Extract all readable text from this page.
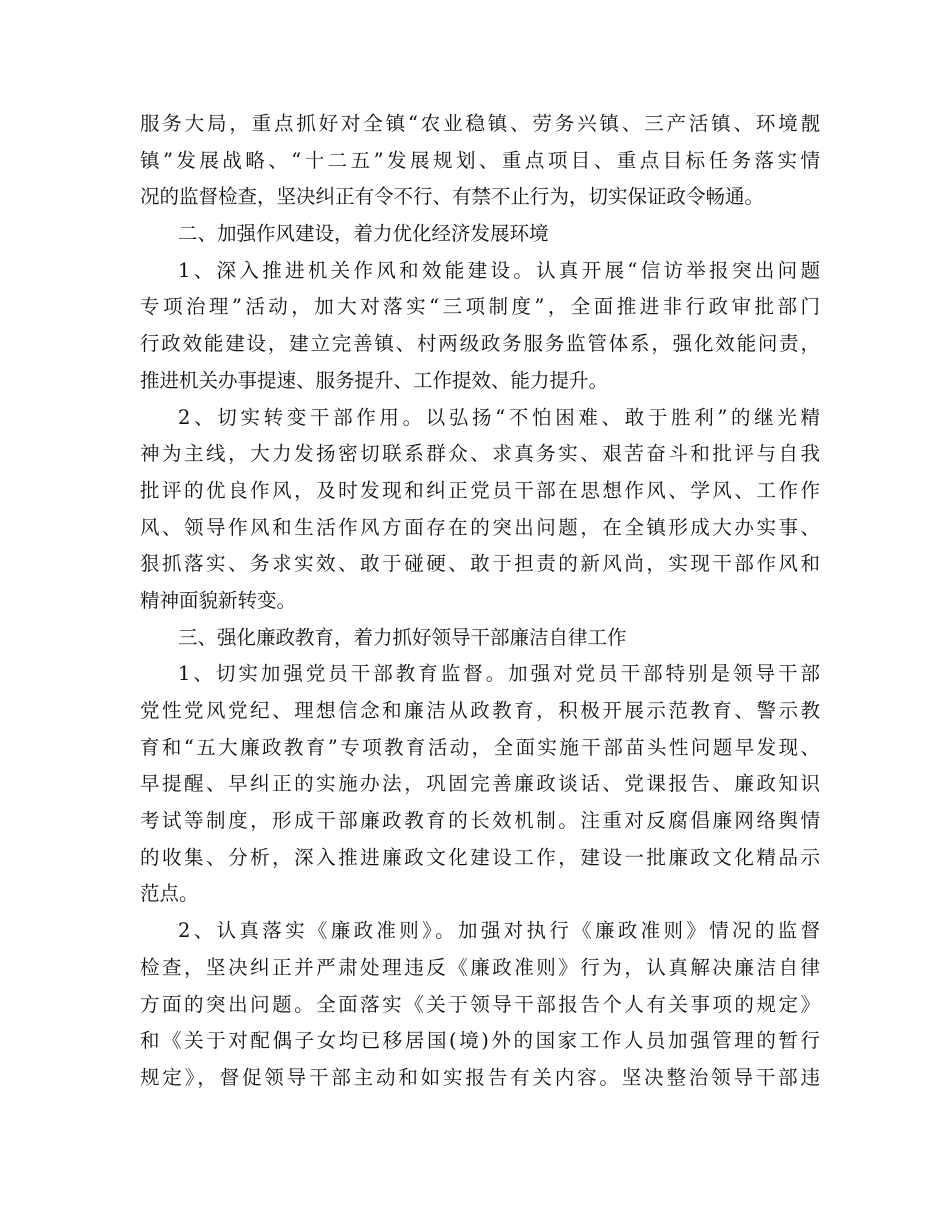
服务大局，重点抓好对全镇“农业稳镇、劳务兴镇、三产活镇、环境靓
镇”发展战略、“十二五”发展规划、重点项目、重点目标任务落实情
况的监督检查，坚决纠正有令不行、有禁不止行为，切实保证政令畅通。
二、加强作风建设，着力优化经济发展环境
1、深入推进机关作风和效能建设。认真开展“信访举报突出问题
专项治理”活动，加大对落实“三项制度”，全面推进非行政审批部门
行政效能建设，建立完善镇、村两级政务服务监管体系，强化效能问责，
推进机关办事提速、服务提升、工作提效、能力提升。
2、切实转变干部作用。以弘扬“不怕困难、敢于胜利”的继光精
神为主线，大力发扬密切联系群众、求真务实、艰苦奋斗和批评与自我
批评的优良作风，及时发现和纠正党员干部在思想作风、学风、工作作
风、领导作风和生活作风方面存在的突出问题，在全镇形成大办实事、
狠抓落实、务求实效、敢于碰硬、敢于担责的新风尚，实现干部作风和
精神面貌新转变。
三、强化廉政教育，着力抓好领导干部廉洁自律工作
1、切实加强党员干部教育监督。加强对党员干部特别是领导干部
党性党风党纪、理想信念和廉洁从政教育，积极开展示范教育、警示教
育和“五大廉政教育”专项教育活动，全面实施干部苗头性问题早发现、
早提醒、早纠正的实施办法，巩固完善廉政谈话、党课报告、廉政知识
考试等制度，形成干部廉政教育的长效机制。注重对反腐倡廉网络舆情
的收集、分析，深入推进廉政文化建设工作，建设一批廉政文化精品示
范点。
2、认真落实《廉政准则》。加强对执行《廉政准则》情况的监督
检查，坚决纠正并严肃处理违反《廉政准则》行为，认真解决廉洁自律
方面的突出问题。全面落实《关于领导干部报告个人有关事项的规定》
和《关于对配偶子女均已移居国(境)外的国家工作人员加强管理的暂行
规定》，督促领导干部主动和如实报告有关内容。坚决整治领导干部违
